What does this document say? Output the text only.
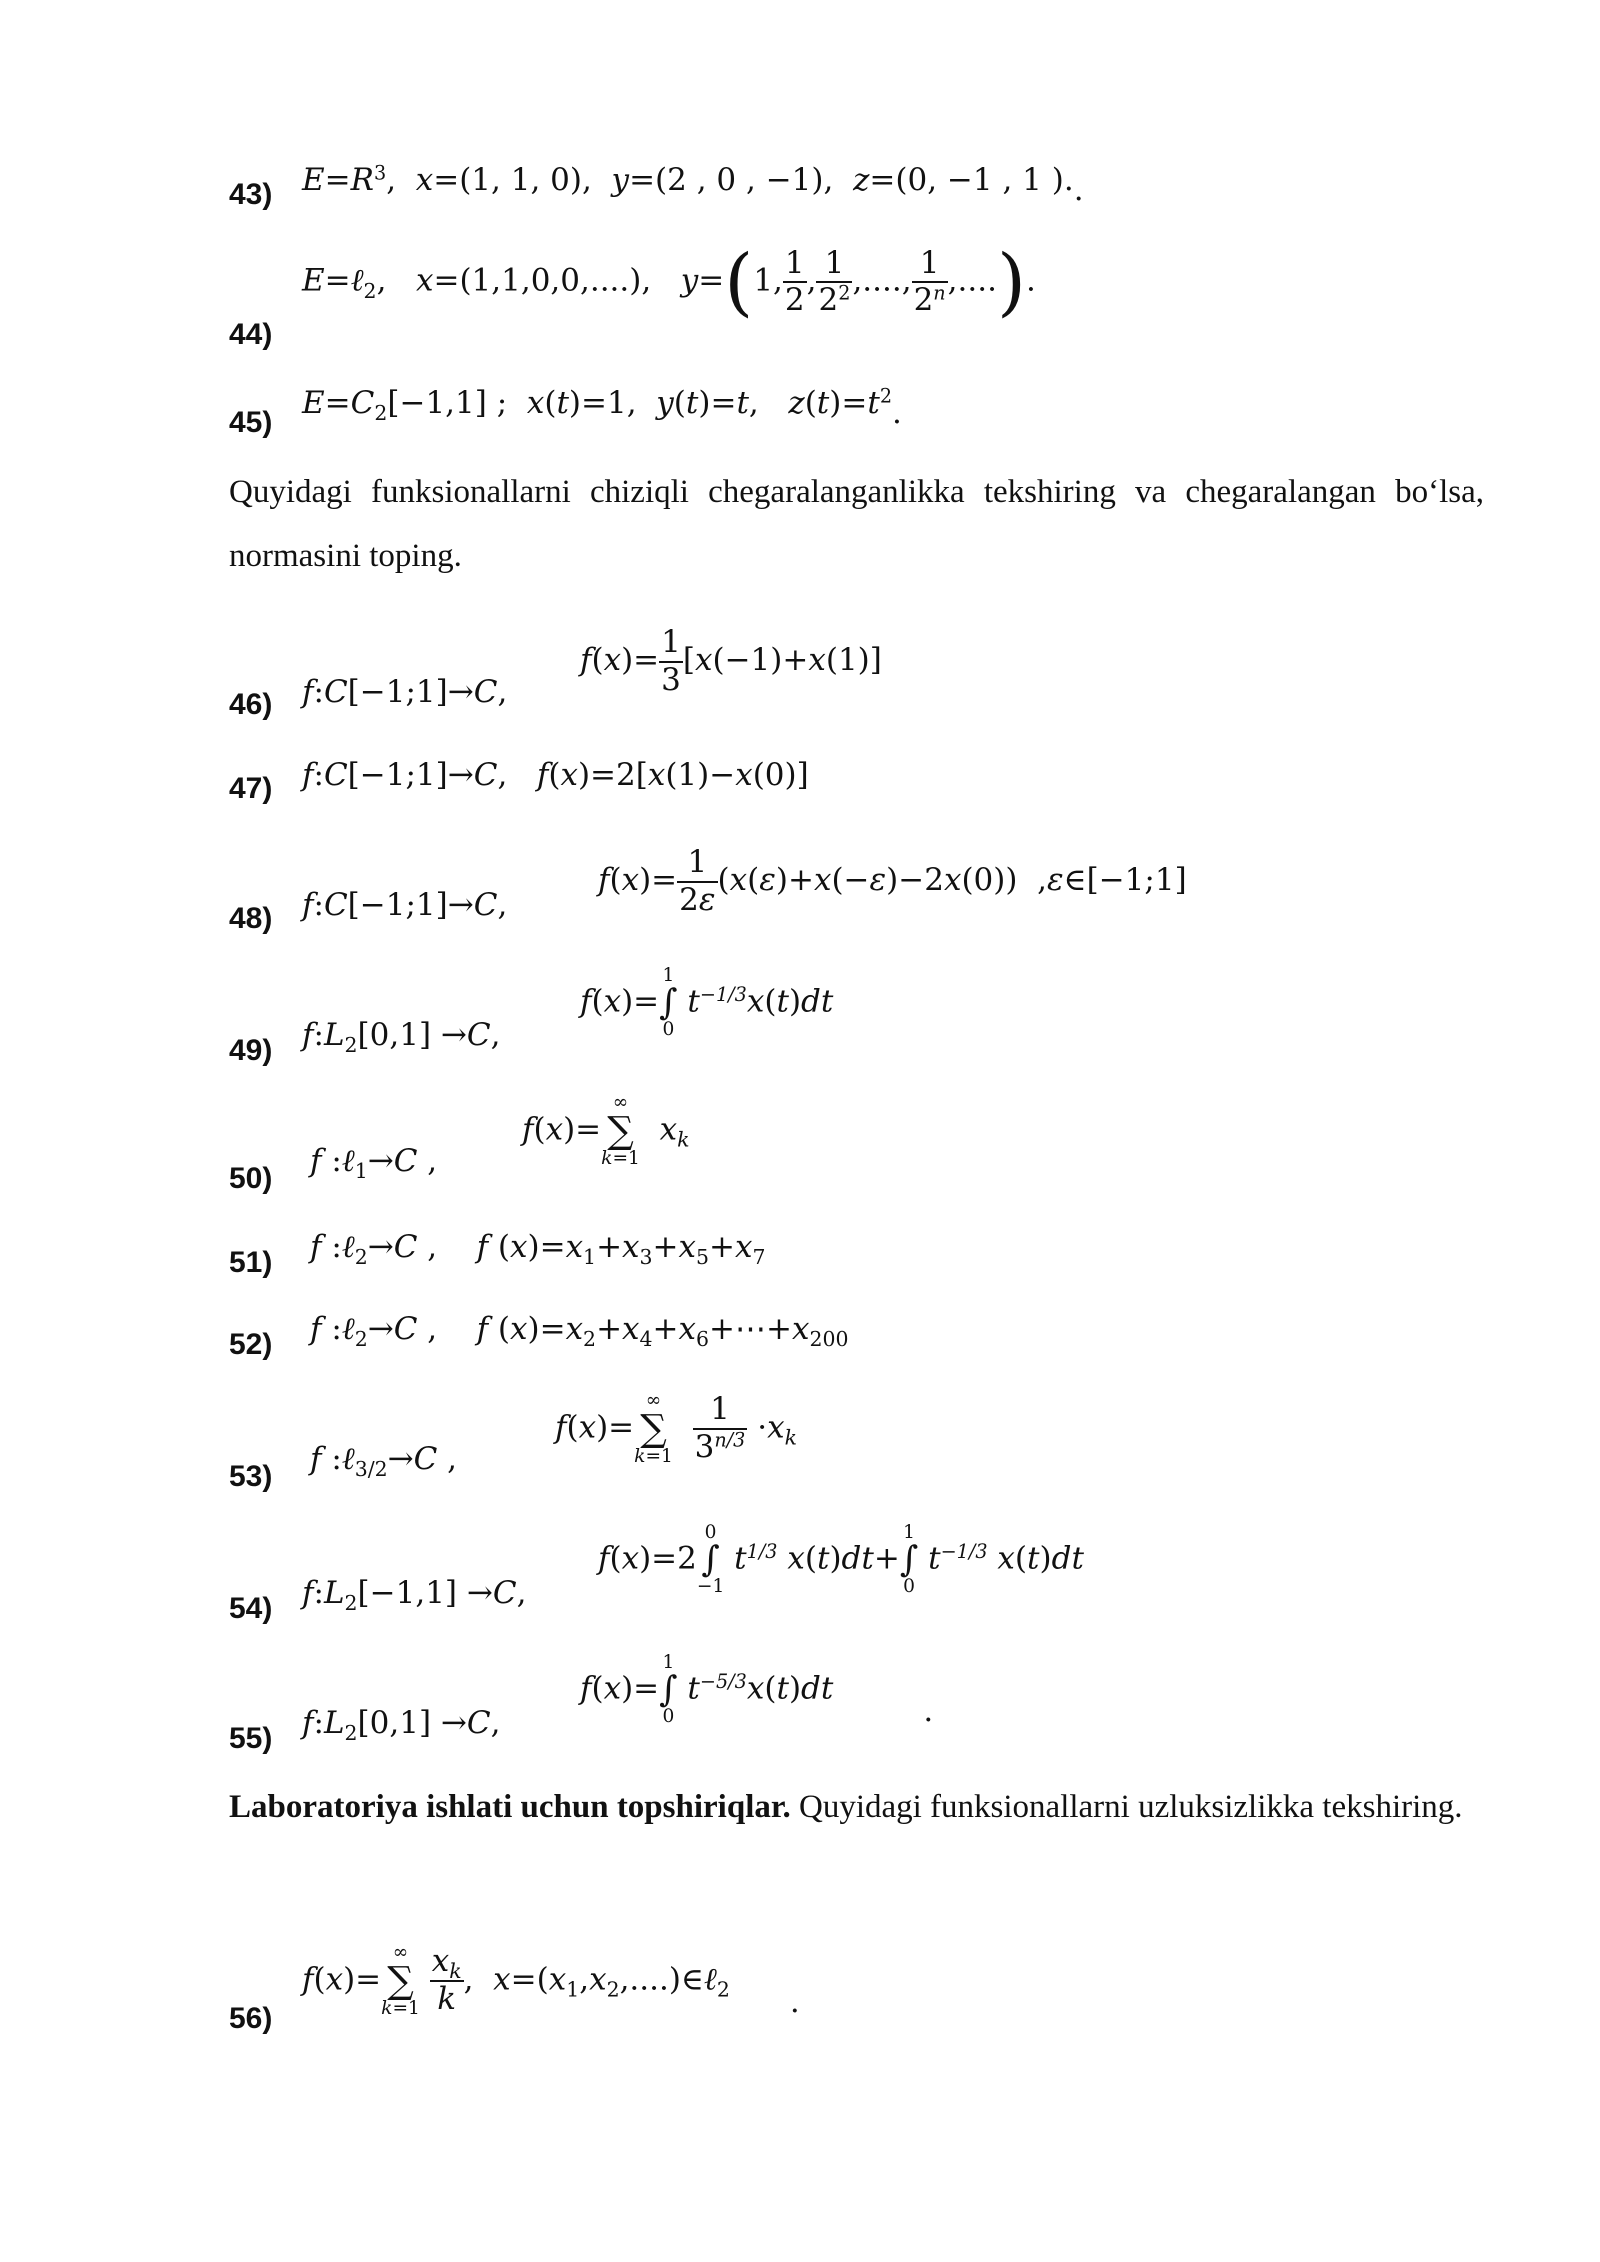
43) $E=R^3$,  x=(1, 1, 0),  y=(2 , 0 , −1),  z=(0, −1 , 1 )..
44)
E=ℓ$_2$,   x=(1,1,0,0,....),   y=(1, $\frac{1}{2}$ , $\frac{1}{2^2}$ ,...., $\frac{1}{2^n}$ ,....).
45)
$E=C_2[-1,1]$ ;  x(t)=1,  y(t)=t,   $z(t)=t^2$.
Quyidagi funksionallarni chiziqli chegaralanganlikka tekshiring va chegaralangan bo‘lsa, normasini toping.
46) f:C[−1;1]→C,
$f(x)= \frac{1}{3} [x(-1)+x(1)]$
47) f:C[−1;1]→C,   f(x)=2[x(1)−x(0)]
48) f:C[−1;1]→C,
$f(x)= \frac{1}{2\varepsilon} (x(\varepsilon)+x(-\varepsilon)-2x(0))$  ,ε∈[−1;1]
49) $f:L_2[0,1] \to C$,
f(x)=1
∫
0 $t^{-1/3}x(t)dt$
50) f :ℓ$_1$→C ,
f(x)=∞
∑
k=1  $x_k$
51) f :ℓ$_2$→C ,    f $(x)=x_1+x_3+x_5+x_7$
52) f :ℓ$_2$→C ,    f $(x)=x_2+x_4+x_6+\cdots+x_{200}$
53) f :ℓ$_{3/2}$→C ,
f(x)=∞
∑
$k=1 \frac{1}{3^{n/3}} \cdot x_k$
54) $f:L_2[-1,1] \to C$,
f(x)=20
∫
−1 $t^{1/3}$ x(t)dt+1
∫
0 $t^{-1/3}$ x(t)dt
55) $f:L_2[0,1] \to C$,
f(x)=1
∫
0 $t^{-5/3}x(t)dt$.
Laboratoriya ishlati uchun topshiriqlar. Quyidagi funksionallarni uzluksizlikka tekshiring.
56)
f(x)=∞
∑
$k=1 \frac{x_k}{k}$ ,  $x=(x_1,x_2,....)\in\ell_2$ .
